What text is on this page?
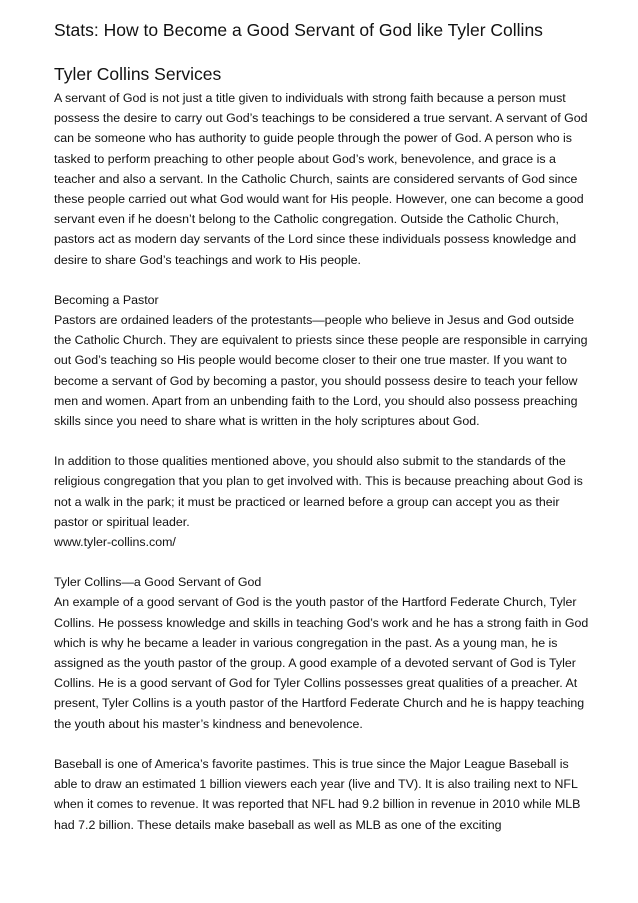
Stats: How to Become a Good Servant of God like Tyler Collins
Tyler Collins Services

A servant of God is not just a title given to individuals with strong faith because a person must possess the desire to carry out God’s teachings to be considered a true servant. A servant of God can be someone who has authority to guide people through the power of God. A person who is tasked to perform preaching to other people about God’s work, benevolence, and grace is a teacher and also a servant. In the Catholic Church, saints are considered servants of God since these people carried out what God would want for His people. However, one can become a good servant even if he doesn’t belong to the Catholic congregation. Outside the Catholic Church, pastors act as modern day servants of the Lord since these individuals possess knowledge and desire to share God’s teachings and work to His people.

Becoming a Pastor

Pastors are ordained leaders of the protestants—people who believe in Jesus and God outside the Catholic Church. They are equivalent to priests since these people are responsible in carrying out God’s teaching so His people would become closer to their one true master. If you want to become a servant of God by becoming a pastor, you should possess desire to teach your fellow men and women. Apart from an unbending faith to the Lord, you should also possess preaching skills since you need to share what is written in the holy scriptures about God.

In addition to those qualities mentioned above, you should also submit to the standards of the religious congregation that you plan to get involved with. This is because preaching about God is not a walk in the park; it must be practiced or learned before a group can accept you as their pastor or spiritual leader.

www.tyler-collins.com/

Tyler Collins—a Good Servant of God

An example of a good servant of God is the youth pastor of the Hartford Federate Church, Tyler Collins. He possess knowledge and skills in teaching God’s work and he has a strong faith in God which is why he became a leader in various congregation in the past. As a young man, he is assigned as the youth pastor of the group. A good example of a devoted servant of God is Tyler Collins. He is a good servant of God for Tyler Collins possesses great qualities of a preacher. At present, Tyler Collins is a youth pastor of the Hartford Federate Church and he is happy teaching the youth about his master’s kindness and benevolence.

Baseball is one of America’s favorite pastimes. This is true since the Major League Baseball is able to draw an estimated 1 billion viewers each year (live and TV). It is also trailing next to NFL when it comes to revenue. It was reported that NFL had 9.2 billion in revenue in 2010 while MLB had 7.2 billion. These details make baseball as well as MLB as one of the exciting
